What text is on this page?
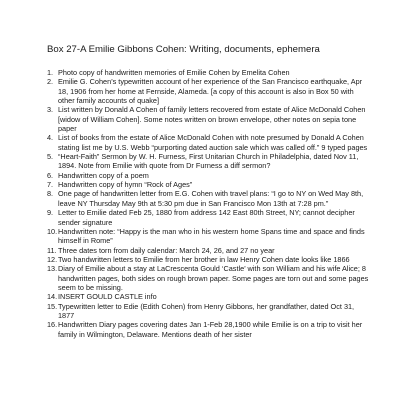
Box 27-A Emilie Gibbons Cohen: Writing, documents, ephemera
1. Photo copy of handwritten memories of Emilie Cohen by Emelita Cohen
2. Emilie G. Cohen’s typewritten account of her experience of the San Francisco earthquake, Apr 18, 1906 from her home at Fernside, Alameda. [a copy of this account is also in Box 50 with other family accounts of quake]
3. List written by Donald A Cohen of family letters recovered from estate of Alice McDonald Cohen [widow of William Cohen]. Some notes written on brown envelope, other notes on sepia tone paper
4. List of books from the estate of Alice McDonald Cohen with note presumed by Donald A Cohen stating list me by U.S. Webb “purporting dated auction sale which was called off.” 9 typed pages
5. “Heart-Faith” Sermon by W. H. Furness, First Unitarian Church in Philadelphia, dated Nov 11, 1894. Note from Emilie with quote from Dr Furness a diff sermon?
6. Handwritten copy of a poem
7. Handwritten copy of hymn “Rock of Ages”
8. One page of handwritten letter from E.G. Cohen with travel plans: “I go to NY on Wed May 8th, leave NY Thursday May 9th at 5:30 pm due in San Francisco Mon 13th at 7:28 pm.”
9. Letter to Emilie dated Feb 25, 1880 from address 142 East 80th Street, NY; cannot decipher sender signature
10. Handwritten note: “Happy is the man who in his western home Spans time and space and finds himself in Rome”
11. Three dates torn from daily calendar: March 24, 26, and 27 no year
12. Two handwritten letters to Emilie from her brother in law Henry Cohen date looks like 1866
13. Diary of Emilie about a stay at LaCrescenta Gould ‘Castle’ with son William and his wife Alice; 8 handwritten pages, both sides on rough brown paper. Some pages are torn out and some pages seem to be missing.
14. INSERT GOULD CASTLE info
15. Typewritten letter to Edie (Edith Cohen) from Henry Gibbons, her grandfather, dated Oct 31, 1877
16. Handwritten Diary pages covering dates Jan 1-Feb 28,1900 while Emilie is on a trip to visit her family in Wilmington, Delaware. Mentions death of her sister
